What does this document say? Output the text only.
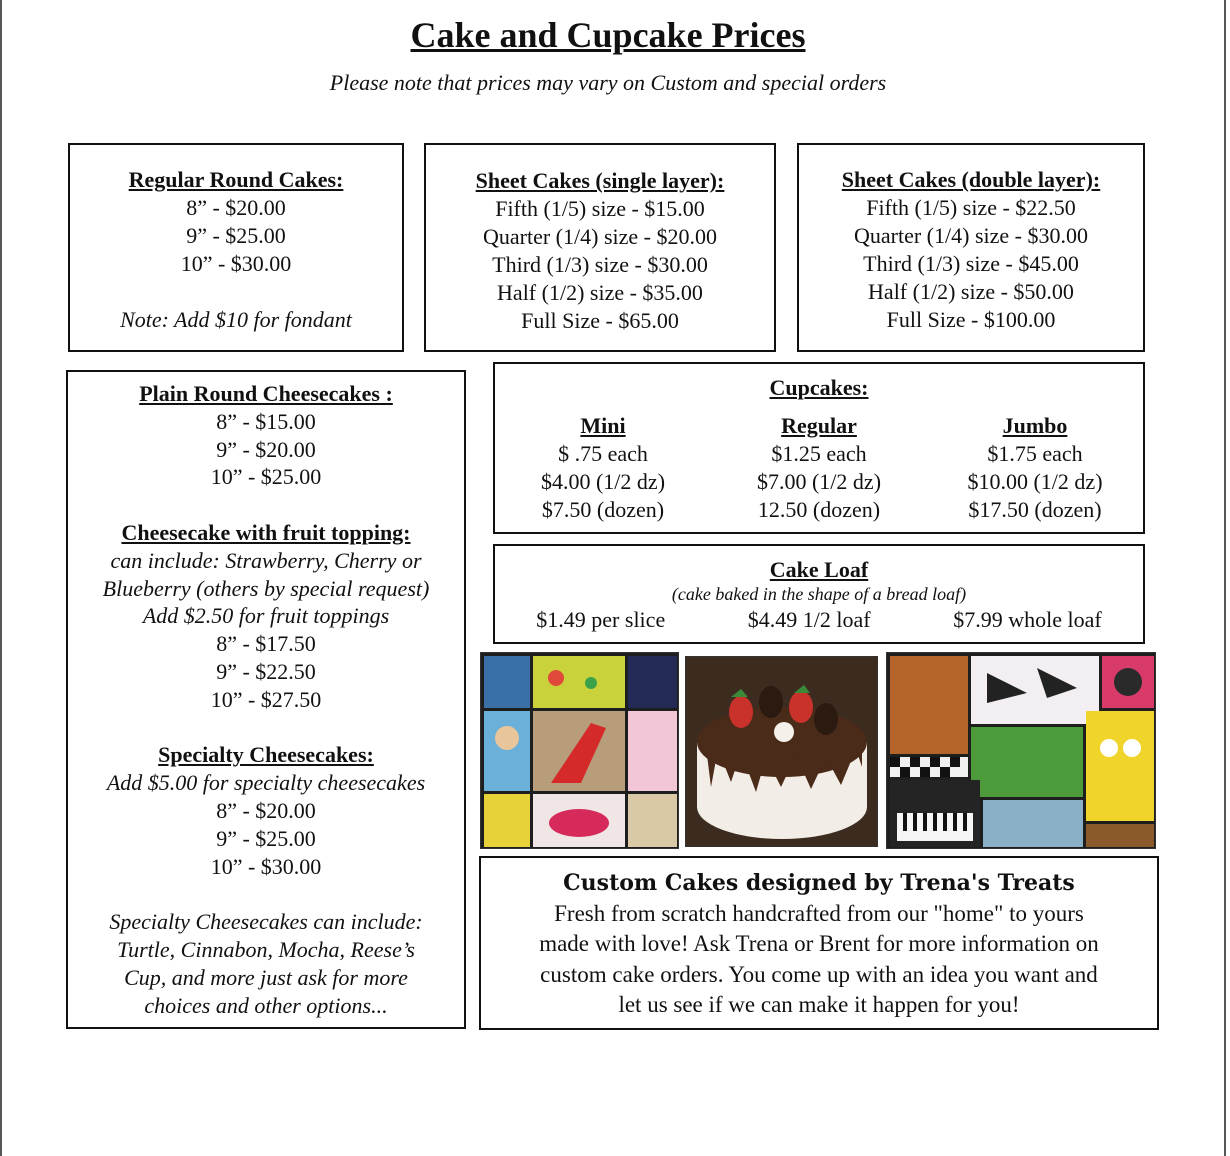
Cake and Cupcake Prices
Please note that prices may vary on Custom and special orders
Regular Round Cakes:
8” - $20.00
9” - $25.00
10” - $30.00
Note: Add $10 for fondant
Sheet Cakes (single layer):
Fifth (1/5) size - $15.00
Quarter (1/4) size - $20.00
Third (1/3) size - $30.00
Half (1/2) size - $35.00
Full Size - $65.00
Sheet Cakes (double layer):
Fifth (1/5) size - $22.50
Quarter (1/4) size - $30.00
Third (1/3) size - $45.00
Half (1/2) size - $50.00
Full Size - $100.00
Plain Round Cheesecakes :
8” - $15.00
9” - $20.00
10” - $25.00
Cheesecake with fruit topping:
can include: Strawberry, Cherry or
Blueberry (others by special request)
Add $2.50 for fruit toppings
8” - $17.50
9” - $22.50
10” - $27.50
Specialty Cheesecakes:
Add $5.00 for specialty cheesecakes
8” - $20.00
9” - $25.00
10” - $30.00
Specialty Cheesecakes can include:
Turtle, Cinnabon, Mocha, Reese’s
Cup, and more just ask for more
choices and other options...
Cupcakes:
Mini
$ .75 each
$4.00 (1/2 dz)
$7.50 (dozen)
Regular
$1.25 each
$7.00 (1/2 dz)
12.50 (dozen)
Jumbo
$1.75 each
$10.00 (1/2 dz)
$17.50 (dozen)
Cake Loaf
(cake baked in the shape of a bread loaf)
$1.49 per slice	$4.49 1/2 loaf	$7.99 whole loaf
Custom Cakes designed by Trena's Treats
Fresh from scratch handcrafted from our "home" to yours
made with love! Ask Trena or Brent for more information on
custom cake orders. You come up with an idea you want and
let us see if we can make it happen for you!
